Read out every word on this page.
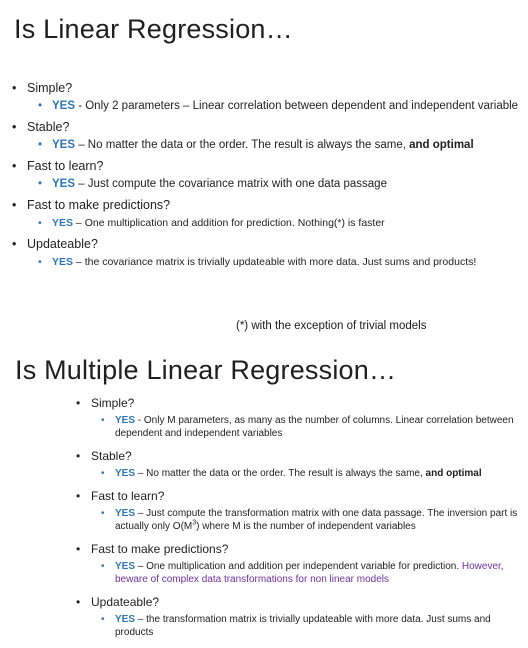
Is Linear Regression…
• Simple?
• YES - Only 2 parameters – Linear correlation between dependent and independent variable
• Stable?
• YES – No matter the data or the order. The result is always the same, and optimal
• Fast to learn?
• YES – Just compute the covariance matrix with one data passage
• Fast to make predictions?
• YES – One multiplication and addition for prediction. Nothing(*) is faster
• Updateable?
• YES – the covariance matrix is trivially updateable with more data. Just sums and products!
(*) with the exception of trivial models
Is Multiple Linear Regression…
• Simple?
• YES - Only M parameters, as many as the number of columns. Linear correlation between dependent and independent variables
• Stable?
• YES – No matter the data or the order. The result is always the same, and optimal
• Fast to learn?
• YES – Just compute the transformation matrix with one data passage. The inversion part is actually only $O(M^3)$ where M is the number of independent variables
• Fast to make predictions?
• YES – One multiplication and addition per independent variable for prediction. However, beware of complex data transformations for non linear models
• Updateable?
• YES – the transformation matrix is trivially updateable with more data. Just sums and products
